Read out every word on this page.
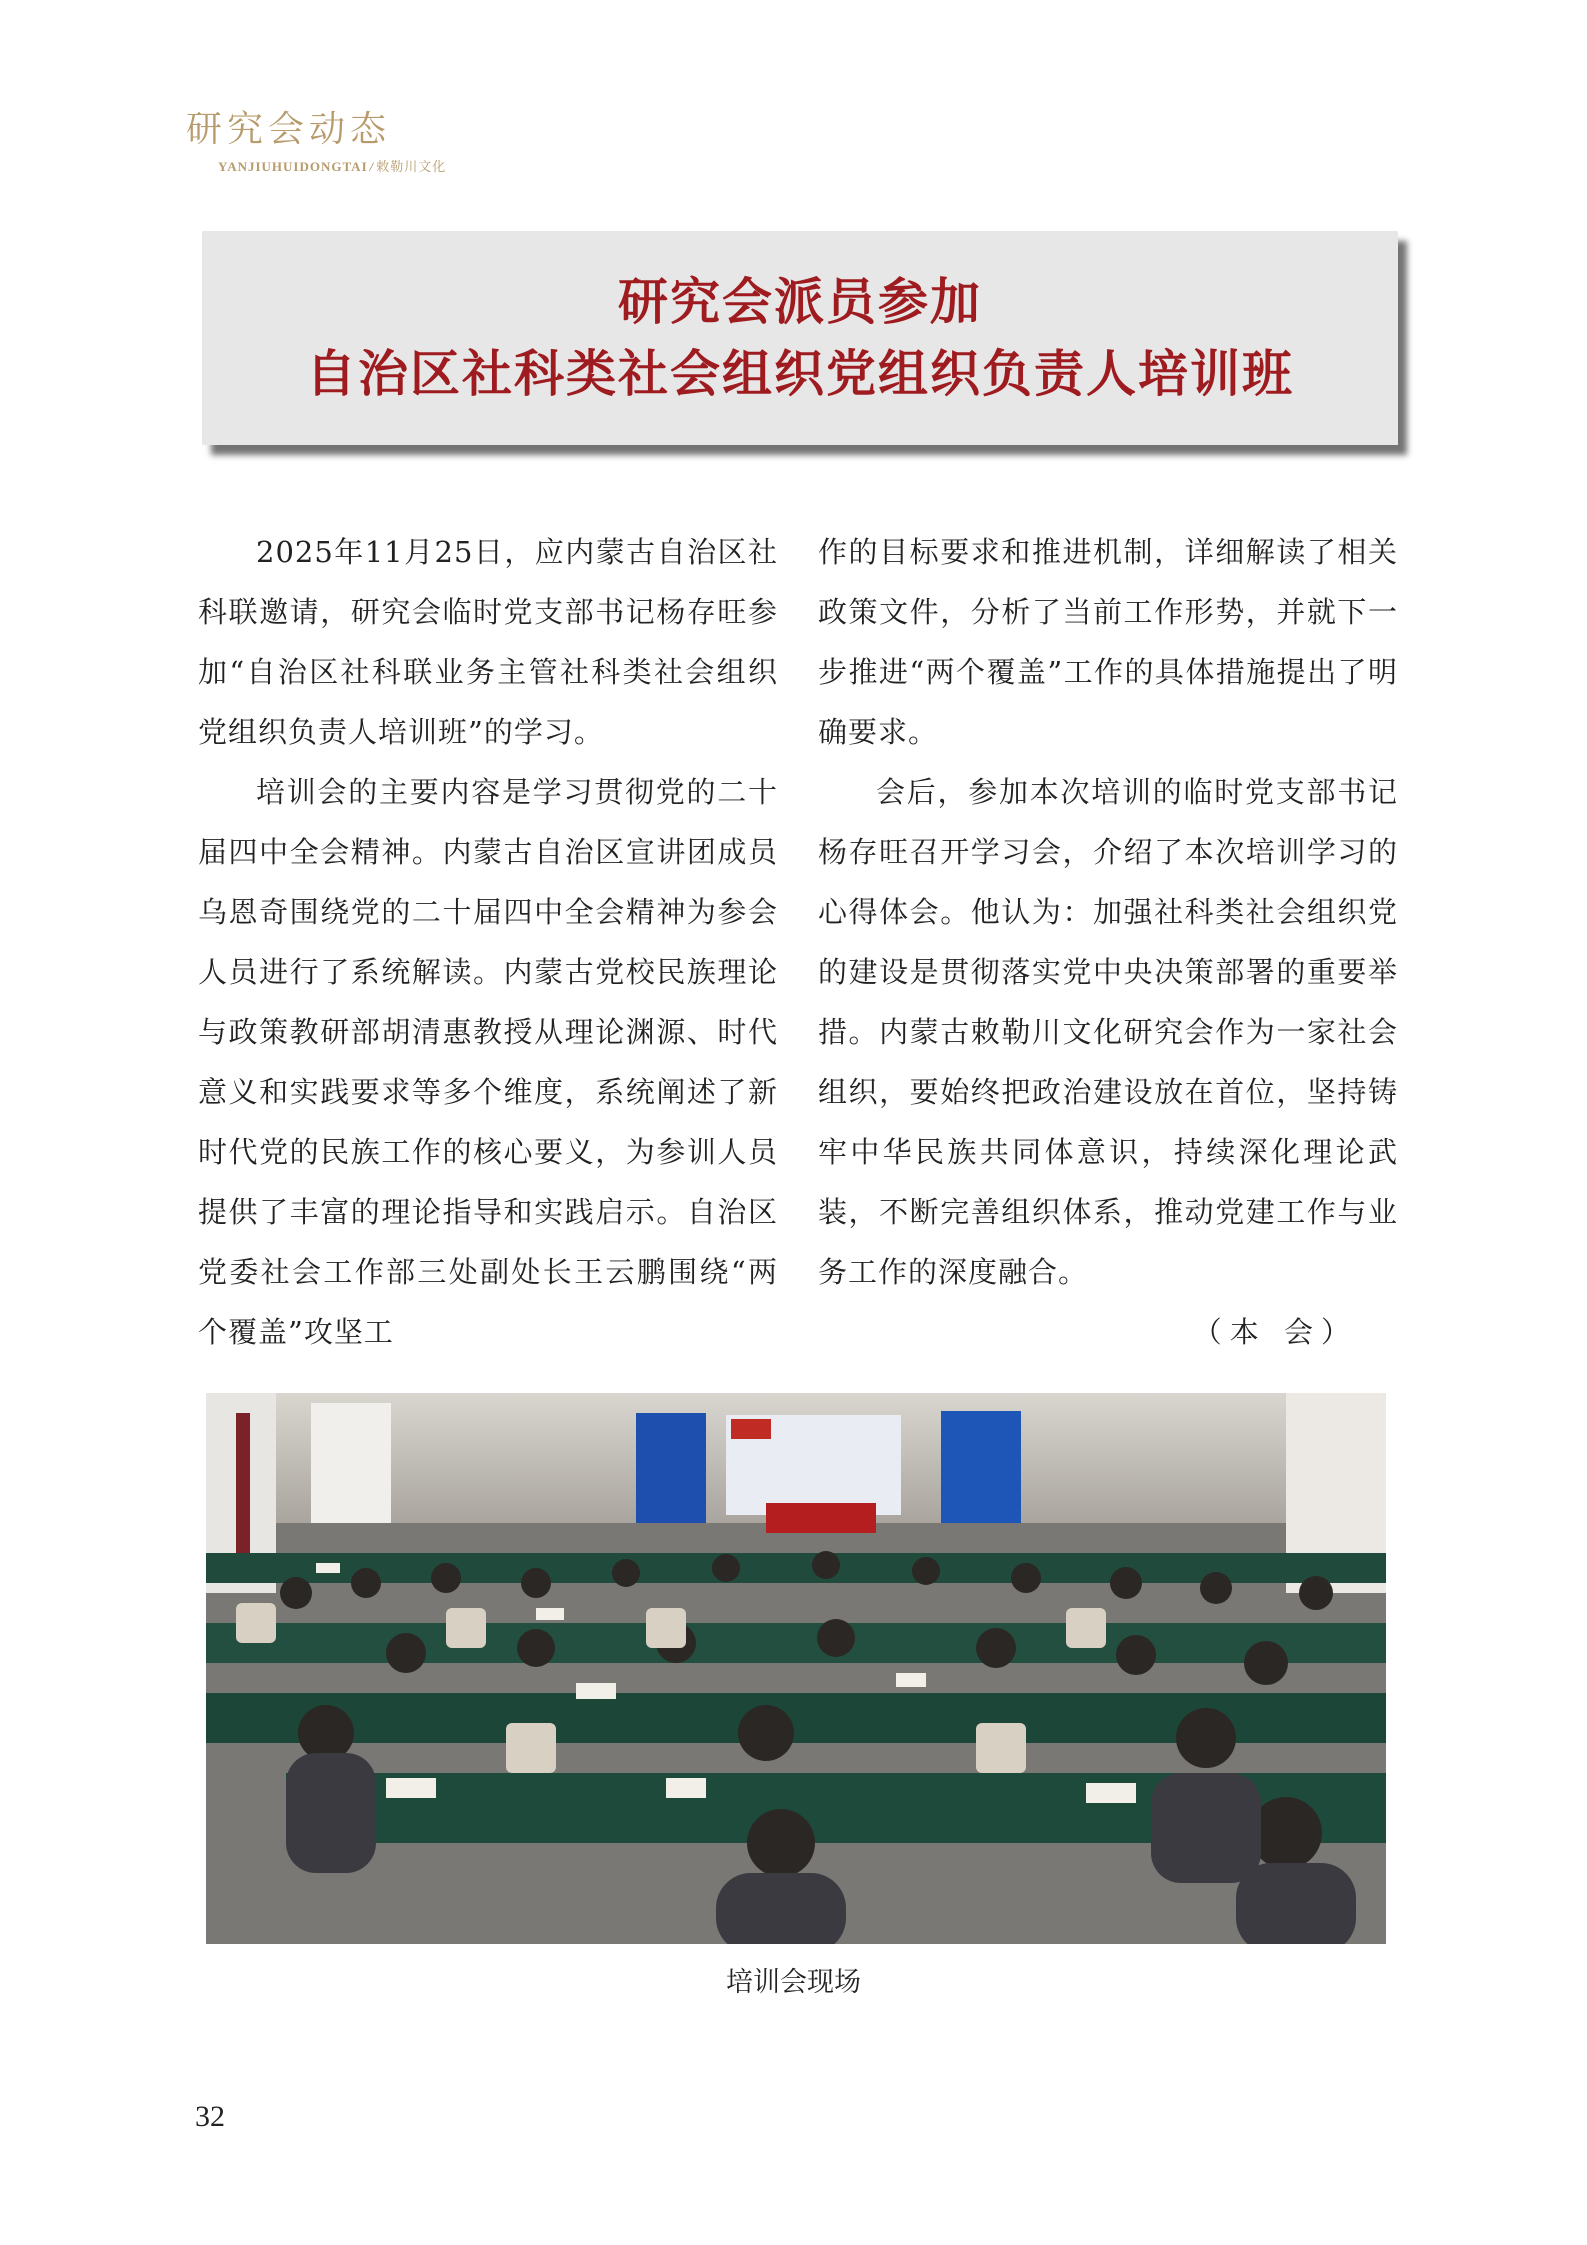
研究会动态
YANJIUHUIDONGTAI / 敕勒川文化
研究会派员参加
自治区社科类社会组织党组织负责人培训班

2025年11月25日，应内蒙古自治区社科联邀请，研究会临时党支部书记杨存旺参加“自治区社科联业务主管社科类社会组织党组织负责人培训班”的学习。

培训会的主要内容是学习贯彻党的二十届四中全会精神。内蒙古自治区宣讲团成员乌恩奇围绕党的二十届四中全会精神为参会人员进行了系统解读。内蒙古党校民族理论与政策教研部胡清惠教授从理论渊源、时代意义和实践要求等多个维度，系统阐述了新时代党的民族工作的核心要义，为参训人员提供了丰富的理论指导和实践启示。自治区党委社会工作部三处副处长王云鹏围绕“两个覆盖”攻坚工

作的目标要求和推进机制，详细解读了相关政策文件，分析了当前工作形势，并就下一步推进“两个覆盖”工作的具体措施提出了明确要求。

会后，参加本次培训的临时党支部书记杨存旺召开学习会，介绍了本次培训学习的心得体会。他认为：加强社科类社会组织党的建设是贯彻落实党中央决策部署的重要举措。内蒙古敕勒川文化研究会作为一家社会组织，要始终把政治建设放在首位，坚持铸牢中华民族共同体意识，持续深化理论武装，不断完善组织体系，推动党建工作与业务工作的深度融合。

（本 会）

培训会现场
32
